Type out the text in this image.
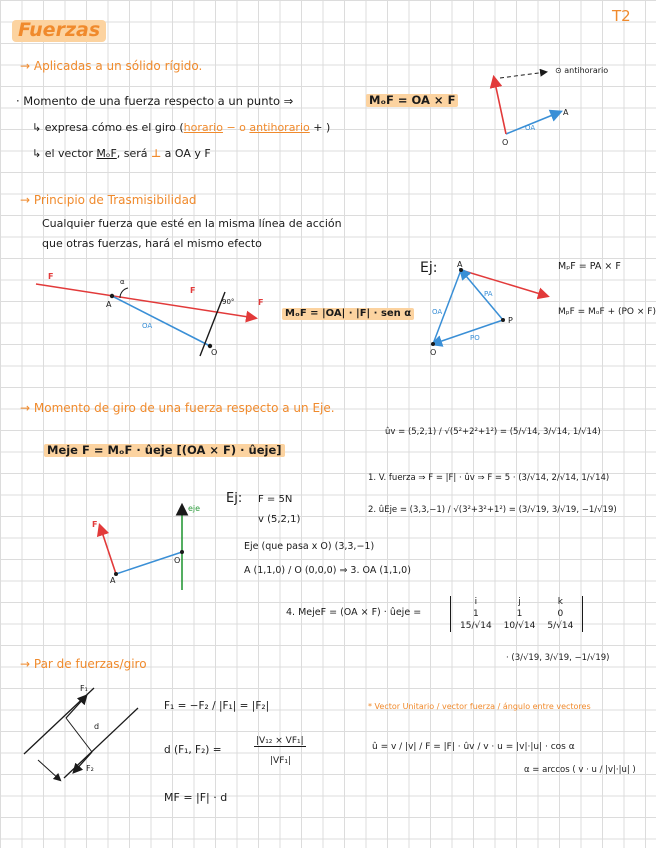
Fuerzas
T2
→ Aplicadas a un sólido rígido.	⊙ antihorario
A
O
OA
· Momento de una fuerza respecto a un punto ⇒	MₒF = OA × F
↳ expresa cómo es el giro (horario − o antihorario + )
↳ el vector MₒF, será ⊥ a OA y F
→ Principio de Trasmisibilidad
Cualquier fuerza que esté en la misma línea de acción
que otras fuerzas, hará el mismo efecto
F
F
F
A
O
OA
α
90°
MₒF = |OA| · |F| · sen α
Ej: A
P
O
PA
OA
PO
MₚF = PA × F
MₚF = MₒF + (PO × F)
→ Momento de giro de una fuerza respecto a un Eje.
Meje F = MₒF · ûeje [(OA × F) · ûeje]
ûv = (5,2,1) / √(5²+2²+1²) = (5/√14, 3/√14, 1/√14)
1. V. fuerza ⇒ F = |F| · ûv ⇒ F = 5 · (3/√14, 2/√14, 1/√14)
2. ûEje = (3,3,−1) / √(3²+3²+1²) = (3/√19, 3/√19, −1/√19)
F
A
O
eje
Ej: F = 5N
v (5,2,1)
Eje (que pasa x O) (3,3,−1)
A (1,1,0) / O (0,0,0) ⇒ 3. OA (1,1,0)
4. MejeF = (OA × F) · ûeje =
i	j	k
1	1	0
15/√14	10/√14	5/√14
· (3/√19, 3/√19, −1/√19)
→ Par de fuerzas/giro
F₁
F₂
d
F₁ = −F₂ / |F₁| = |F₂|
d (F₁, F₂) =
|V₁₂ × VF₁|
|VF₁|
MF = |F| · d
* Vector Unitario / vector fuerza / ángulo entre vectores
û = v / |v| / F = |F| · ûv / v · u = |v|·|u| · cos α
α = arccos ( v · u / |v|·|u| )
